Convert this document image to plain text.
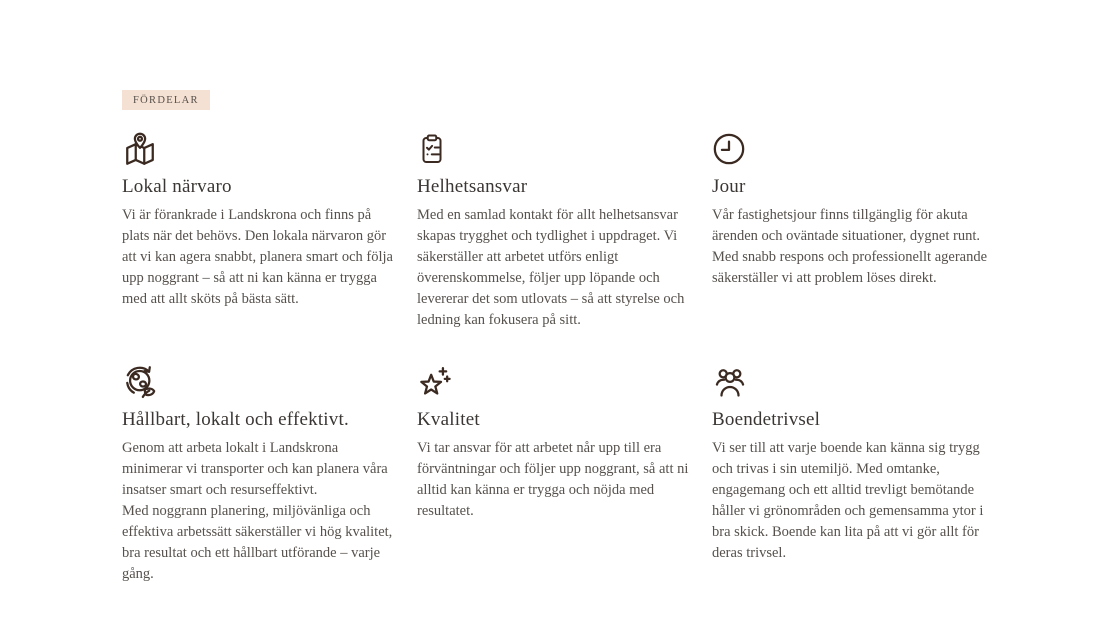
FÖRDELAR
Lokal närvaro

Vi är förankrade i Landskrona och finns på plats när det behövs. Den lokala närvaron gör att vi kan agera snabbt, planera smart och följa upp noggrant – så att ni kan känna er trygga med att allt sköts på bästa sätt.

Helhetsansvar

Med en samlad kontakt för allt helhetsansvar skapas trygghet och tydlighet i uppdraget. Vi säkerställer att arbetet utförs enligt överenskommelse, följer upp löpande och levererar det som utlovats – så att styrelse och ledning kan fokusera på sitt.

Jour

Vår fastighetsjour finns tillgänglig för akuta ärenden och oväntade situationer, dygnet runt. Med snabb respons och professionellt agerande säkerställer vi att problem löses direkt.

Hållbart, lokalt och effektivt.

Genom att arbeta lokalt i Landskrona minimerar vi transporter och kan planera våra insatser smart och resurseffektivt.
Med noggrann planering, miljövänliga och effektiva arbetssätt säkerställer vi hög kvalitet, bra resultat och ett hållbart utförande – varje gång.

Kvalitet

Vi tar ansvar för att arbetet når upp till era förväntningar och följer upp noggrant, så att ni alltid kan känna er trygga och nöjda med resultatet.

Boendetrivsel

Vi ser till att varje boende kan känna sig trygg och trivas i sin utemiljö. Med omtanke, engagemang och ett alltid trevligt bemötande håller vi grönområden och gemensamma ytor i bra skick. Boende kan lita på att vi gör allt för deras trivsel.
